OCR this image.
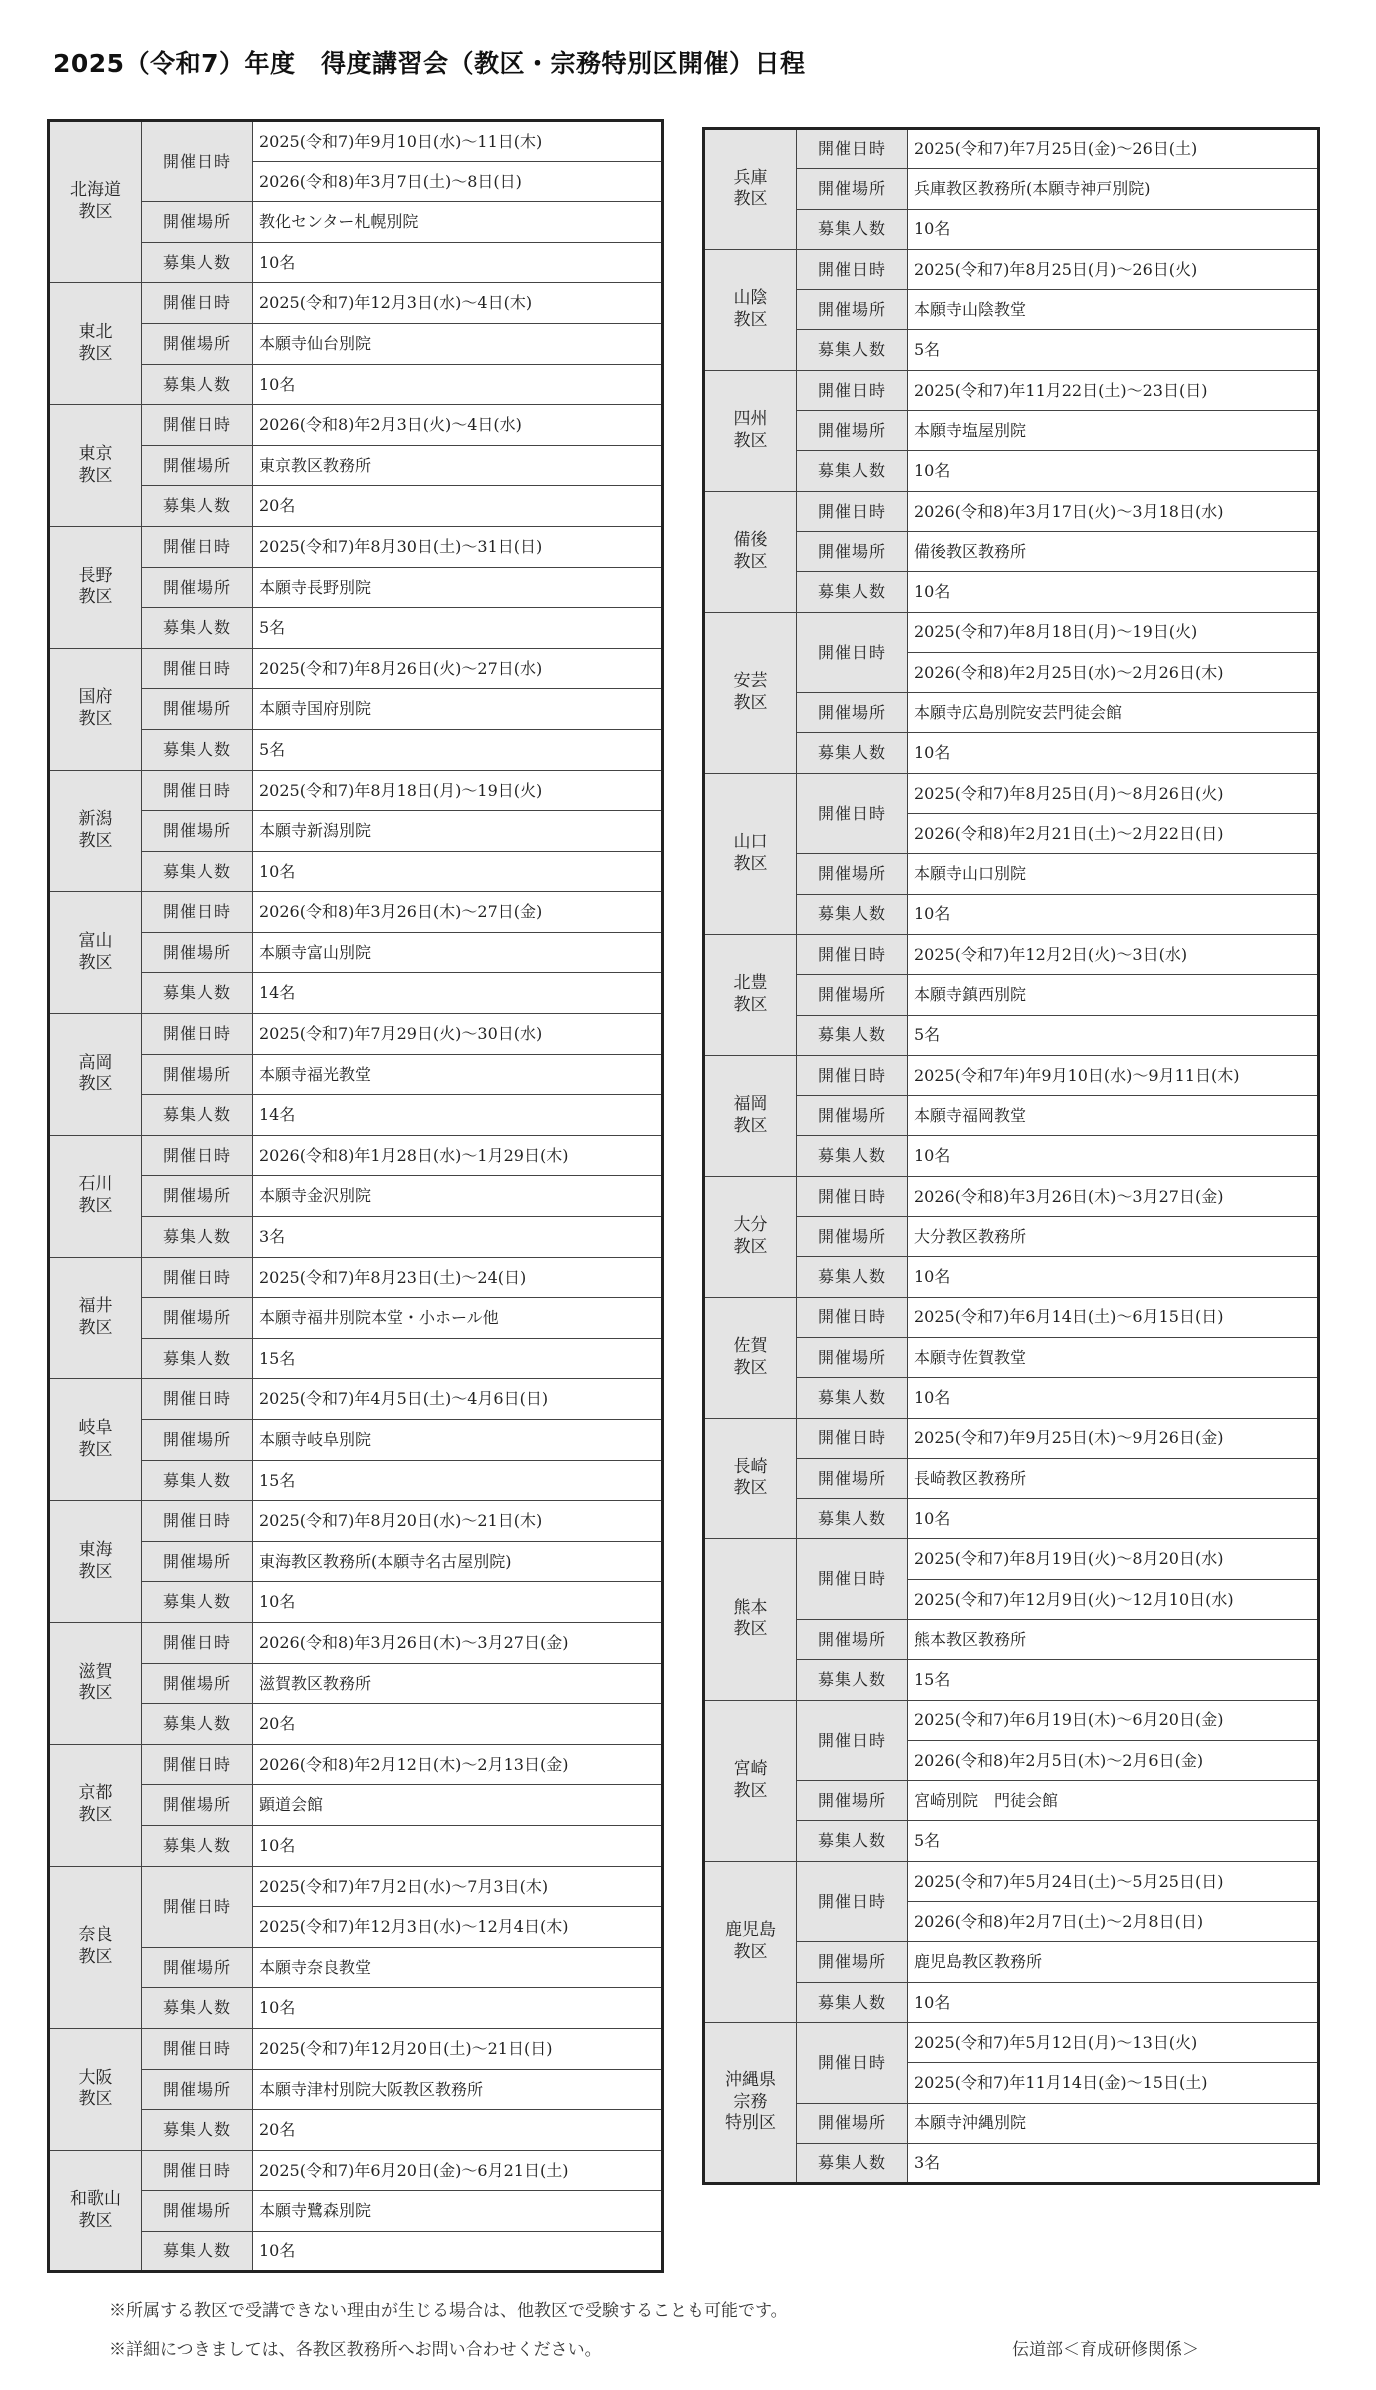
2025（令和7）年度　得度講習会（教区・宗務特別区開催）日程
北海道
教区	開催日時	2025(令和7)年9月10日(水)～11日(木)
		2026(令和8)年3月7日(土)～8日(日)
	開催場所	教化センター札幌別院
	募集人数	10名
東北
教区	開催日時	2025(令和7)年12月3日(水)～4日(木)
	開催場所	本願寺仙台別院
	募集人数	10名
東京
教区	開催日時	2026(令和8)年2月3日(火)～4日(水)
	開催場所	東京教区教務所
	募集人数	20名
長野
教区	開催日時	2025(令和7)年8月30日(土)～31日(日)
	開催場所	本願寺長野別院
	募集人数	5名
国府
教区	開催日時	2025(令和7)年8月26日(火)～27日(水)
	開催場所	本願寺国府別院
	募集人数	5名
新潟
教区	開催日時	2025(令和7)年8月18日(月)～19日(火)
	開催場所	本願寺新潟別院
	募集人数	10名
富山
教区	開催日時	2026(令和8)年3月26日(木)～27日(金)
	開催場所	本願寺富山別院
	募集人数	14名
高岡
教区	開催日時	2025(令和7)年7月29日(火)～30日(水)
	開催場所	本願寺福光教堂
	募集人数	14名
石川
教区	開催日時	2026(令和8)年1月28日(水)～1月29日(木)
	開催場所	本願寺金沢別院
	募集人数	3名
福井
教区	開催日時	2025(令和7)年8月23日(土)～24(日)
	開催場所	本願寺福井別院本堂・小ホール他
	募集人数	15名
岐阜
教区	開催日時	2025(令和7)年4月5日(土)～4月6日(日)
	開催場所	本願寺岐阜別院
	募集人数	15名
東海
教区	開催日時	2025(令和7)年8月20日(水)～21日(木)
	開催場所	東海教区教務所(本願寺名古屋別院)
	募集人数	10名
滋賀
教区	開催日時	2026(令和8)年3月26日(木)～3月27日(金)
	開催場所	滋賀教区教務所
	募集人数	20名
京都
教区	開催日時	2026(令和8)年2月12日(木)～2月13日(金)
	開催場所	顕道会館
	募集人数	10名
奈良
教区	開催日時	2025(令和7)年7月2日(水)～7月3日(木)
		2025(令和7)年12月3日(水)～12月4日(木)
	開催場所	本願寺奈良教堂
	募集人数	10名
大阪
教区	開催日時	2025(令和7)年12月20日(土)～21日(日)
	開催場所	本願寺津村別院大阪教区教務所
	募集人数	20名
和歌山
教区	開催日時	2025(令和7)年6月20日(金)～6月21日(土)
	開催場所	本願寺鷺森別院
	募集人数	10名
兵庫
教区	開催日時	2025(令和7)年7月25日(金)～26日(土)
	開催場所	兵庫教区教務所(本願寺神戸別院)
	募集人数	10名
山陰
教区	開催日時	2025(令和7)年8月25日(月)～26日(火)
	開催場所	本願寺山陰教堂
	募集人数	5名
四州
教区	開催日時	2025(令和7)年11月22日(土)～23日(日)
	開催場所	本願寺塩屋別院
	募集人数	10名
備後
教区	開催日時	2026(令和8)年3月17日(火)～3月18日(水)
	開催場所	備後教区教務所
	募集人数	10名
安芸
教区	開催日時	2025(令和7)年8月18日(月)～19日(火)
		2026(令和8)年2月25日(水)～2月26日(木)
	開催場所	本願寺広島別院安芸門徒会館
	募集人数	10名
山口
教区	開催日時	2025(令和7)年8月25日(月)～8月26日(火)
		2026(令和8)年2月21日(土)～2月22日(日)
	開催場所	本願寺山口別院
	募集人数	10名
北豊
教区	開催日時	2025(令和7)年12月2日(火)～3日(水)
	開催場所	本願寺鎮西別院
	募集人数	5名
福岡
教区	開催日時	2025(令和7年)年9月10日(水)～9月11日(木)
	開催場所	本願寺福岡教堂
	募集人数	10名
大分
教区	開催日時	2026(令和8)年3月26日(木)～3月27日(金)
	開催場所	大分教区教務所
	募集人数	10名
佐賀
教区	開催日時	2025(令和7)年6月14日(土)～6月15日(日)
	開催場所	本願寺佐賀教堂
	募集人数	10名
長崎
教区	開催日時	2025(令和7)年9月25日(木)～9月26日(金)
	開催場所	長崎教区教務所
	募集人数	10名
熊本
教区	開催日時	2025(令和7)年8月19日(火)～8月20日(水)
		2025(令和7)年12月9日(火)～12月10日(水)
	開催場所	熊本教区教務所
	募集人数	15名
宮崎
教区	開催日時	2025(令和7)年6月19日(木)～6月20日(金)
		2026(令和8)年2月5日(木)～2月6日(金)
	開催場所	宮崎別院　門徒会館
	募集人数	5名
鹿児島
教区	開催日時	2025(令和7)年5月24日(土)～5月25日(日)
		2026(令和8)年2月7日(土)～2月8日(日)
	開催場所	鹿児島教区教務所
	募集人数	10名
沖縄県
宗務
特別区	開催日時	2025(令和7)年5月12日(月)～13日(火)
		2025(令和7)年11月14日(金)～15日(土)
	開催場所	本願寺沖縄別院
	募集人数	3名
※所属する教区で受講できない理由が生じる場合は、他教区で受験することも可能です。
※詳細につきましては、各教区教務所へお問い合わせください。	伝道部＜育成研修関係＞
